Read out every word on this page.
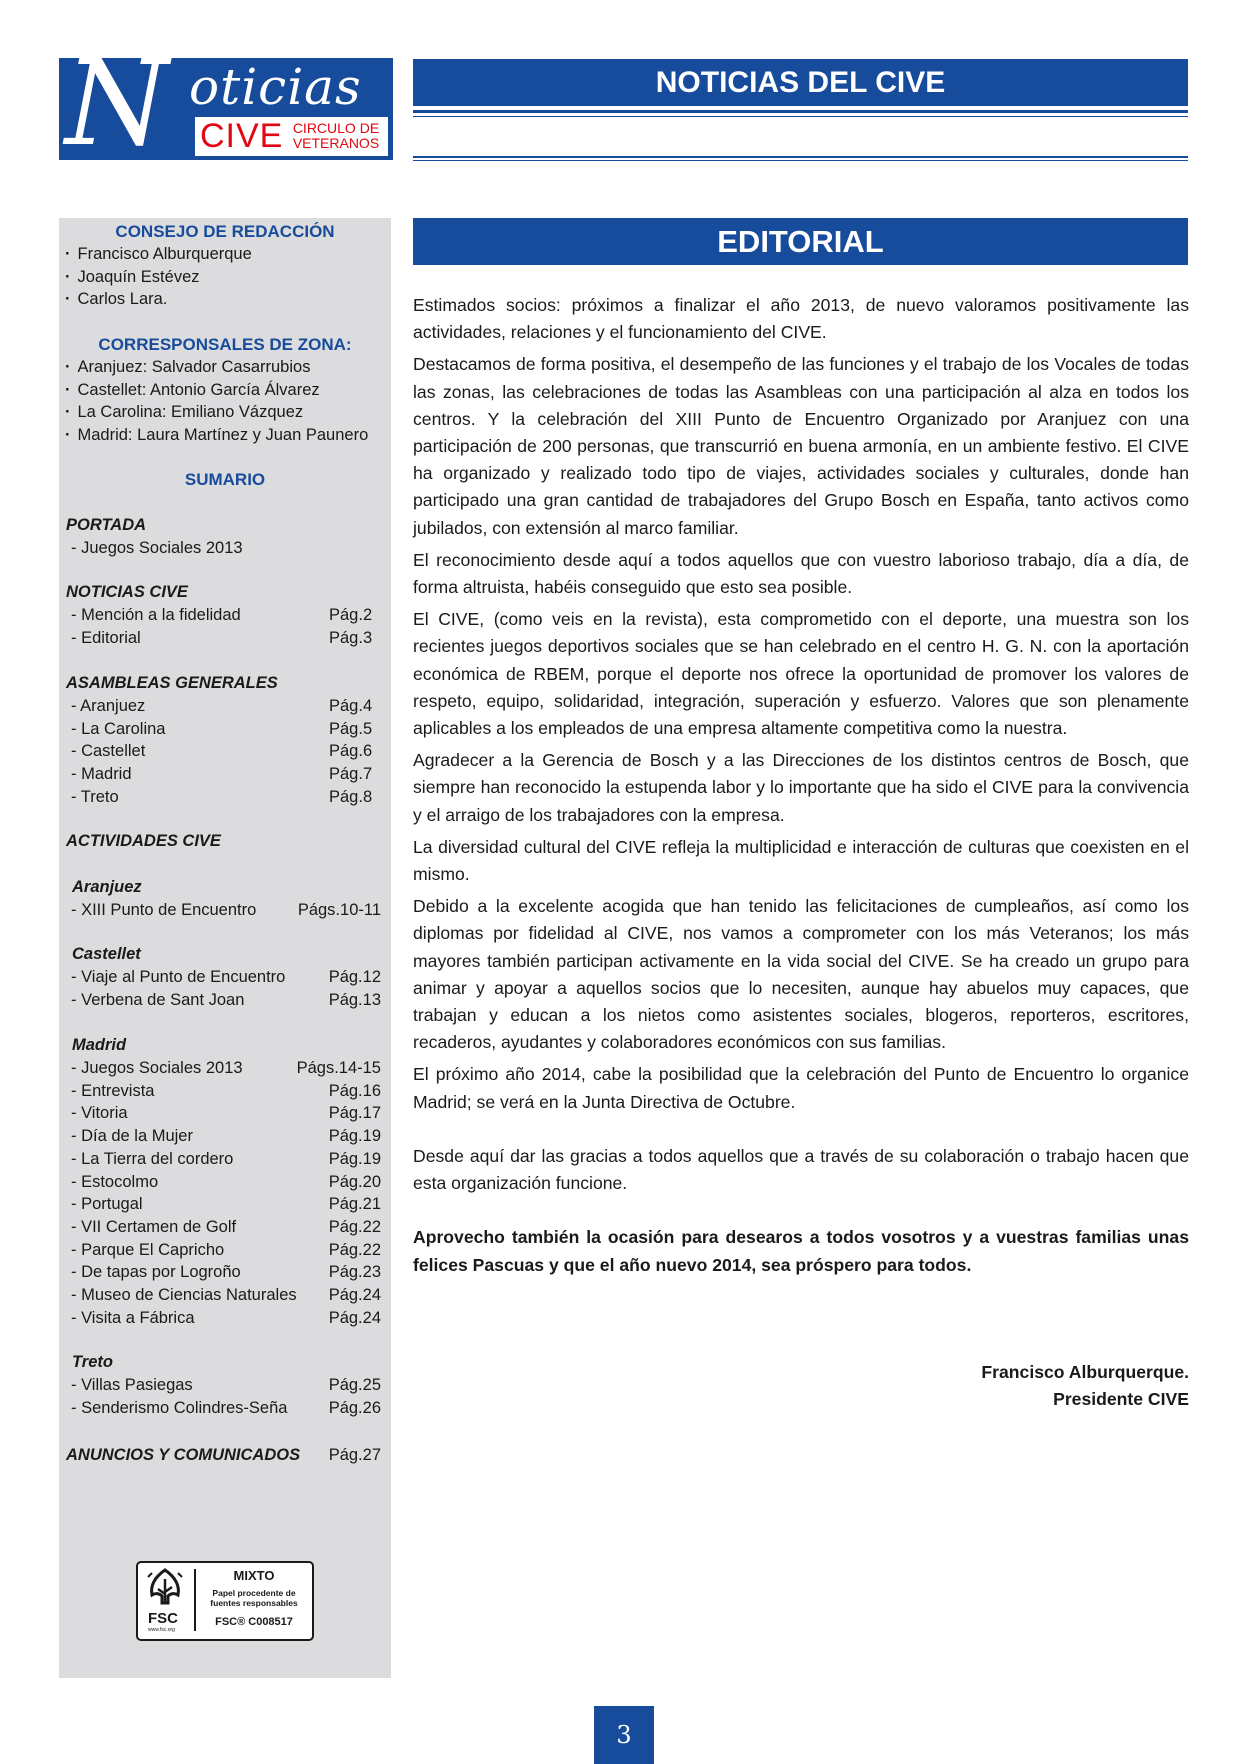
N oticias
CIVE CIRCULO DE
VETERANOS
NOTICIAS DEL CIVE
CONSEJO DE REDACCIÓN
· Francisco Alburquerque
· Joaquín Estévez
· Carlos Lara.
CORRESPONSALES DE ZONA:
· Aranjuez: Salvador Casarrubios
· Castellet: Antonio García Álvarez
· La Carolina: Emiliano Vázquez
· Madrid: Laura Martínez y Juan Paunero
SUMARIO
PORTADA
- Juegos Sociales 2013
NOTICIAS CIVE
- Mención a la fidelidad	Pág.2
- Editorial	Pág.3
ASAMBLEAS GENERALES
- Aranjuez	Pág.4
- La Carolina	Pág.5
- Castellet	Pág.6
- Madrid	Pág.7
- Treto	Pág.8
ACTIVIDADES CIVE
Aranjuez
- XIII Punto de Encuentro	Págs.10-11
Castellet
- Viaje al Punto de Encuentro	Pág.12
- Verbena de Sant Joan	Pág.13
Madrid
- Juegos Sociales 2013	Págs.14-15
- Entrevista	Pág.16
- Vitoria	Pág.17
- Día de la Mujer	Pág.19
- La Tierra del cordero	Pág.19
- Estocolmo	Pág.20
- Portugal	Pág.21
- VII Certamen de Golf	Pág.22
- Parque El Capricho	Pág.22
- De tapas por Logroño	Pág.23
- Museo de Ciencias Naturales Pág.24
- Visita a Fábrica	Pág.24
Treto
- Villas Pasiegas	Pág.25
- Senderismo Colindres-Seña	Pág.26
ANUNCIOS Y COMUNICADOS Pág.27
FSC
www.fsc.org
MIXTO
Papel procedente de fuentes responsables
FSC® C008517
EDITORIAL

Estimados socios: próximos a finalizar el año 2013, de nuevo valoramos positivamente las actividades, relaciones y el funcionamiento del CIVE.

Destacamos de forma positiva, el desempeño de las funciones y el trabajo de los Vocales de todas las zonas, las celebraciones de todas las Asambleas con una participación al alza en todos los centros. Y la celebración del XIII Punto de Encuentro Organizado por Aranjuez con una participación de 200 personas, que transcurrió en buena armonía, en un ambiente festivo. El CIVE ha organizado y realizado todo tipo de viajes, actividades sociales y culturales, donde han participado una gran cantidad de trabajadores del Grupo Bosch en España, tanto activos como jubilados, con extensión al marco familiar.

El reconocimiento desde aquí a todos aquellos que con vuestro laborioso trabajo, día a día, de forma altruista, habéis conseguido que esto sea posible.

El CIVE, (como veis en la revista), esta comprometido con el deporte, una muestra son los recientes juegos deportivos sociales que se han celebrado en el centro H. G. N. con la aportación económica de RBEM, porque el deporte nos ofrece la oportunidad de promover los valores de respeto, equipo, solidaridad, integración, superación y esfuerzo. Valores que son plenamente aplicables a los empleados de una empresa altamente competitiva como la nuestra.

Agradecer a la Gerencia de Bosch y a las Direcciones de los distintos centros de Bosch, que siempre han reconocido la estupenda labor y lo importante que ha sido el CIVE para la convivencia y el arraigo de los trabajadores con la empresa.

La diversidad cultural del CIVE refleja la multiplicidad e interacción de culturas que coexisten en el mismo.

Debido a la excelente acogida que han tenido las felicitaciones de cumpleaños, así como los diplomas por fidelidad al CIVE, nos vamos a comprometer con los más Veteranos; los más mayores también participan activamente en la vida social del CIVE. Se ha creado un grupo para animar y apoyar a aquellos socios que lo necesiten, aunque hay abuelos muy capaces, que trabajan y educan a los nietos como asistentes sociales, blogeros, reporteros, escritores, recaderos, ayudantes y colaboradores económicos con sus familias.

El próximo año 2014, cabe la posibilidad que la celebración del Punto de Encuentro lo organice Madrid; se verá en la Junta Directiva de Octubre.

Desde aquí dar las gracias a todos aquellos que a través de su colaboración o trabajo hacen que esta organización funcione.

Aprovecho también la ocasión para desearos a todos vosotros y a vuestras familias unas felices Pascuas y que el año nuevo 2014, sea próspero para todos.

Francisco Alburquerque.
Presidente CIVE
3
